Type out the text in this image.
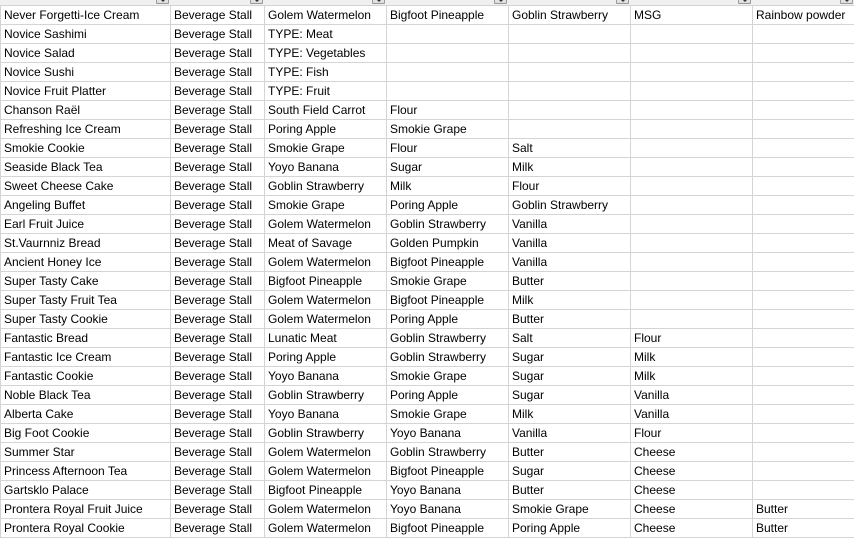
Never Forgetti-Ice Cream	Beverage Stall	Golem Watermelon	Bigfoot Pineapple	Goblin Strawberry	MSG	Rainbow powder
Novice Sashimi	Beverage Stall	TYPE: Meat				
Novice Salad	Beverage Stall	TYPE: Vegetables				
Novice Sushi	Beverage Stall	TYPE: Fish				
Novice Fruit Platter	Beverage Stall	TYPE: Fruit				
Chanson Raël	Beverage Stall	South Field Carrot	Flour			
Refreshing Ice Cream	Beverage Stall	Poring Apple	Smokie Grape			
Smokie Cookie	Beverage Stall	Smokie Grape	Flour	Salt		
Seaside Black Tea	Beverage Stall	Yoyo Banana	Sugar	Milk		
Sweet Cheese Cake	Beverage Stall	Goblin Strawberry	Milk	Flour		
Angeling Buffet	Beverage Stall	Smokie Grape	Poring Apple	Goblin Strawberry		
Earl Fruit Juice	Beverage Stall	Golem Watermelon	Goblin Strawberry	Vanilla		
St.Vaurnniz Bread	Beverage Stall	Meat of Savage	Golden Pumpkin	Vanilla		
Ancient Honey Ice	Beverage Stall	Golem Watermelon	Bigfoot Pineapple	Vanilla		
Super Tasty Cake	Beverage Stall	Bigfoot Pineapple	Smokie Grape	Butter		
Super Tasty Fruit Tea	Beverage Stall	Golem Watermelon	Bigfoot Pineapple	Milk		
Super Tasty Cookie	Beverage Stall	Golem Watermelon	Poring Apple	Butter		
Fantastic Bread	Beverage Stall	Lunatic Meat	Goblin Strawberry	Salt	Flour	
Fantastic Ice Cream	Beverage Stall	Poring Apple	Goblin Strawberry	Sugar	Milk	
Fantastic Cookie	Beverage Stall	Yoyo Banana	Smokie Grape	Sugar	Milk	
Noble Black Tea	Beverage Stall	Goblin Strawberry	Poring Apple	Sugar	Vanilla	
Alberta Cake	Beverage Stall	Yoyo Banana	Smokie Grape	Milk	Vanilla	
Big Foot Cookie	Beverage Stall	Goblin Strawberry	Yoyo Banana	Vanilla	Flour	
Summer Star	Beverage Stall	Golem Watermelon	Goblin Strawberry	Butter	Cheese	
Princess Afternoon Tea	Beverage Stall	Golem Watermelon	Bigfoot Pineapple	Sugar	Cheese	
Gartsklo Palace	Beverage Stall	Bigfoot Pineapple	Yoyo Banana	Butter	Cheese	
Prontera Royal Fruit Juice	Beverage Stall	Golem Watermelon	Yoyo Banana	Smokie Grape	Cheese	Butter
Prontera Royal Cookie	Beverage Stall	Golem Watermelon	Bigfoot Pineapple	Poring Apple	Cheese	Butter
